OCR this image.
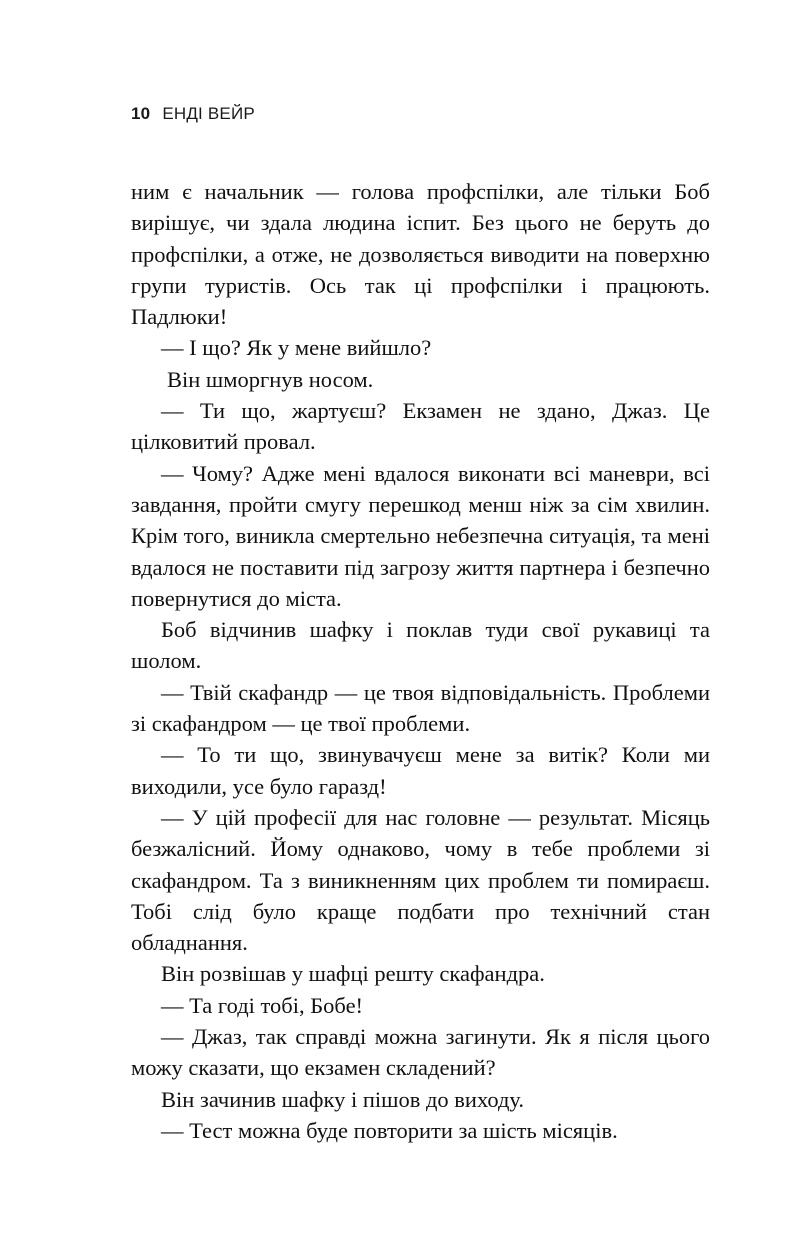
10 ЕНДІ ВЕЙР

ним є начальник — голова профспілки, але тільки Боб вирішує, чи здала людина іспит. Без цього не беруть до профспілки, а отже, не дозволяється виводити на поверхню групи туристів. Ось так ці профспілки і працюють. Падлюки!

— І що? Як у мене вийшло?

Він шморгнув носом.

— Ти що, жартуєш? Екзамен не здано, Джаз. Це цілковитий провал.

— Чому? Адже мені вдалося виконати всі маневри, всі завдання, пройти смугу перешкод менш ніж за сім хвилин. Крім того, виникла смертельно небезпечна ситуація, та мені вдалося не поставити під загрозу життя партнера і безпечно повернутися до міста.

Боб відчинив шафку і поклав туди свої рукавиці та шолом.

— Твій скафандр — це твоя відповідальність. Проблеми зі скафандром — це твої проблеми.

— То ти що, звинувачуєш мене за витік? Коли ми виходили, усе було гаразд!

— У цій професії для нас головне — результат. Місяць безжалісний. Йому однаково, чому в тебе проблеми зі скафандром. Та з виникненням цих проблем ти помираєш. Тобі слід було краще подбати про технічний стан обладнання.

Він розвішав у шафці решту скафандра.

— Та годі тобі, Бобе!

— Джаз, так справді можна загинути. Як я після цього можу сказати, що екзамен складений?

Він зачинив шафку і пішов до виходу.

— Тест можна буде повторити за шість місяців.
